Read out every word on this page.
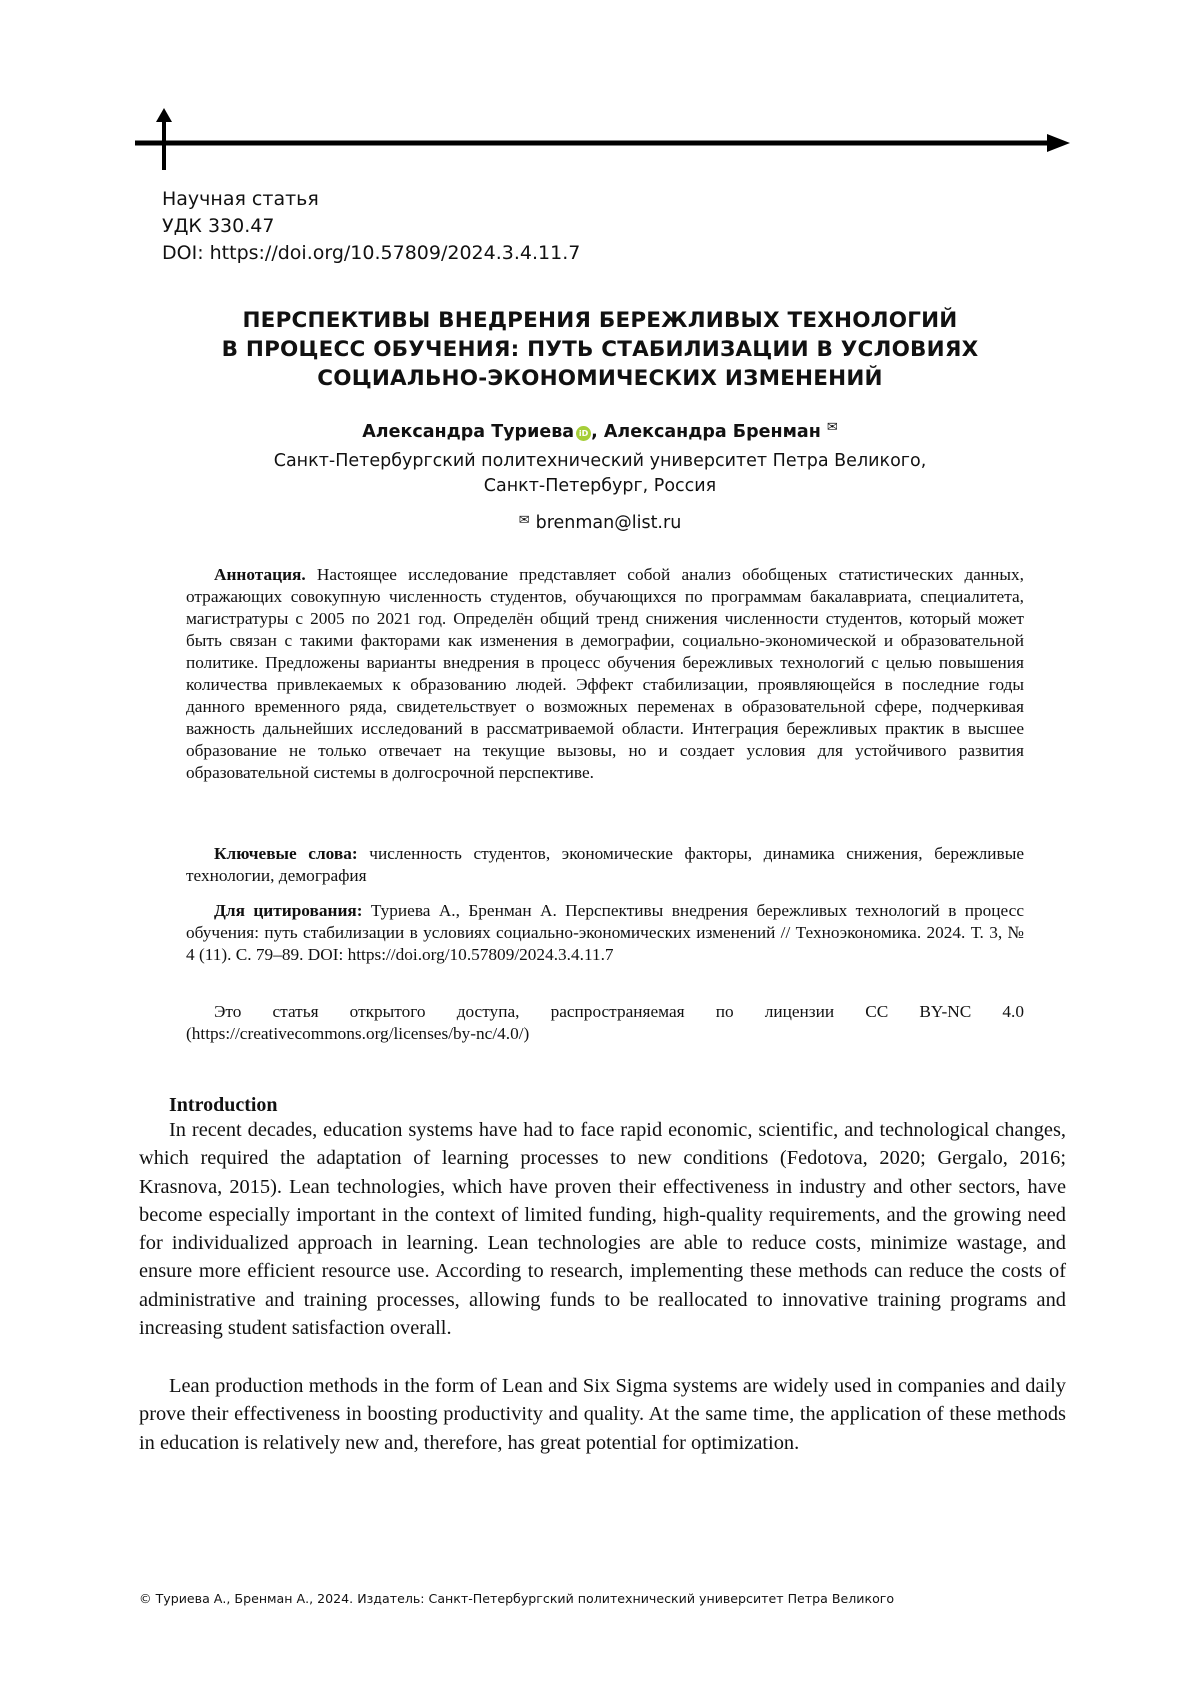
Научная статья
УДК 330.47
DOI: https://doi.org/10.57809/2024.3.4.11.7
ПЕРСПЕКТИВЫ ВНЕДРЕНИЯ БЕРЕЖЛИВЫХ ТЕХНОЛОГИЙ
В ПРОЦЕСС ОБУЧЕНИЯ: ПУТЬ СТАБИЛИЗАЦИИ В УСЛОВИЯХ
СОЦИАЛЬНО-ЭКОНОМИЧЕСКИХ ИЗМЕНЕНИЙ
Александра Туриева iD , Александра Бренман ✉
Санкт-Петербургский политехнический университет Петра Великого,
Санкт-Петербург, Россия
✉ brenman@list.ru
Аннотация. Настоящее исследование представляет собой анализ обобщеных статистических данных, отражающих совокупную численность студентов, обучающихся по программам бакалавриата, специалитета, магистратуры с 2005 по 2021 год. Определён общий тренд снижения численности студентов, который может быть связан с такими факторами как изменения в демографии, социально-экономической и образовательной политике. Предложены варианты внедрения в процесс обучения бережливых технологий с целью повышения количества привлекаемых к образованию людей. Эффект стабилизации, проявляющейся в последние годы данного временного ряда, свидетельствует о возможных переменах в образовательной сфере, подчеркивая важность дальнейших исследований в рассматриваемой области. Интеграция бережливых практик в высшее образование не только отвечает на текущие вызовы, но и создает условия для устойчивого развития образовательной системы в долгосрочной перспективе.
Ключевые слова: численность студентов, экономические факторы, динамика снижения, бережливые технологии, демография
Для цитирования: Туриева А., Бренман А. Перспективы внедрения бережливых технологий в процесс обучения: путь стабилизации в условиях социально-экономических изменений // Техноэкономика. 2024. Т. 3, № 4 (11). С. 79–89. DOI: https://doi.org/10.57809/2024.3.4.11.7
Это статья открытого доступа, распространяемая по лицензии CC BY-NC 4.0 (https://creativecommons.org/licenses/by-nc/4.0/)
Introduction
In recent decades, education systems have had to face rapid economic, scientific, and technological changes, which required the adaptation of learning processes to new conditions (Fedotova, 2020; Gergalo, 2016; Krasnova, 2015). Lean technologies, which have proven their effectiveness in industry and other sectors, have become especially important in the context of limited funding, high-quality requirements, and the growing need for individualized approach in learning. Lean technologies are able to reduce costs, minimize wastage, and ensure more efficient resource use. According to research, implementing these methods can reduce the costs of administrative and training processes, allowing funds to be reallocated to innovative training programs and increasing student satisfaction overall.
Lean production methods in the form of Lean and Six Sigma systems are widely used in companies and daily prove their effectiveness in boosting productivity and quality. At the same time, the application of these methods in education is relatively new and, therefore, has great potential for optimization.
© Туриева А., Бренман А., 2024. Издатель: Санкт-Петербургский политехнический университет Петра Великого
